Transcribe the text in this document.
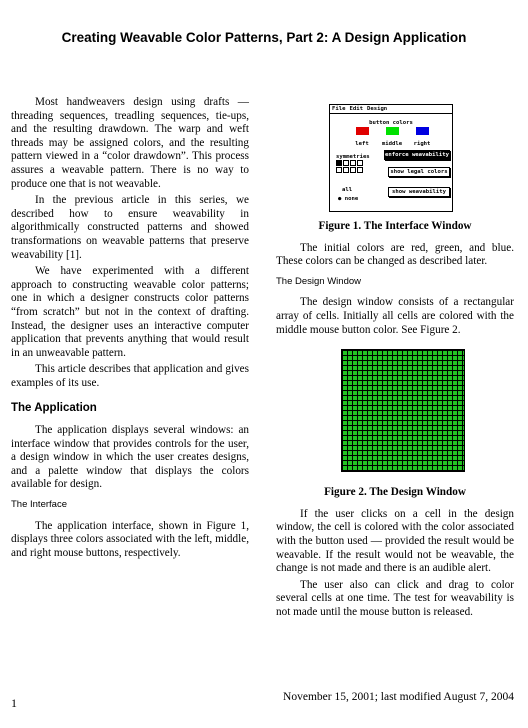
Creating Weavable Color Patterns, Part 2: A Design Application

Most handweavers design using drafts — threading sequences, treadling sequences, tie-ups, and the resulting drawdown. The warp and weft threads may be assigned colors, and the resulting pattern viewed in a “color drawdown”. This process assures a weavable pattern. There is no way to produce one that is not weavable.

In the previous article in this series, we described how to ensure weavability in algorithmically constructed patterns and showed transformations on weavable patterns that preserve weavability [1].

We have experimented with a different approach to constructing weavable color patterns; one in which a designer constructs color patterns “from scratch” but not in the context of drafting. Instead, the designer uses an interactive computer application that prevents anything that would result in an unweavable pattern.

This article describes that application and gives examples of its use.

The Application

The application displays several windows: an interface window that provides controls for the user, a design window in which the user creates designs, and a palette window that displays the colors available for design.

The Interface

The application interface, shown in Figure 1, displays three colors associated with the left, middle, and right mouse buttons, respectively.

File Edit Design
button colors
left	middle	right
symmetries	enforce weavability
show legal colors
show weavability
all
● none
Figure 1. The Interface Window

The initial colors are red, green, and blue. These colors can be changed as described later.

The Design Window

The design window consists of a rectangular array of cells. Initially all cells are colored with the middle mouse button color. See Figure 2.

Figure 2. The Design Window

If the user clicks on a cell in the design window, the cell is colored with the color associated with the button used — provided the result would be weavable. If the result would not be weavable, the change is not made and there is an audible alert.

The user also can click and drag to color several cells at one time. The test for weavability is not made until the mouse button is released.

1	November 15, 2001; last modified August 7, 2004
